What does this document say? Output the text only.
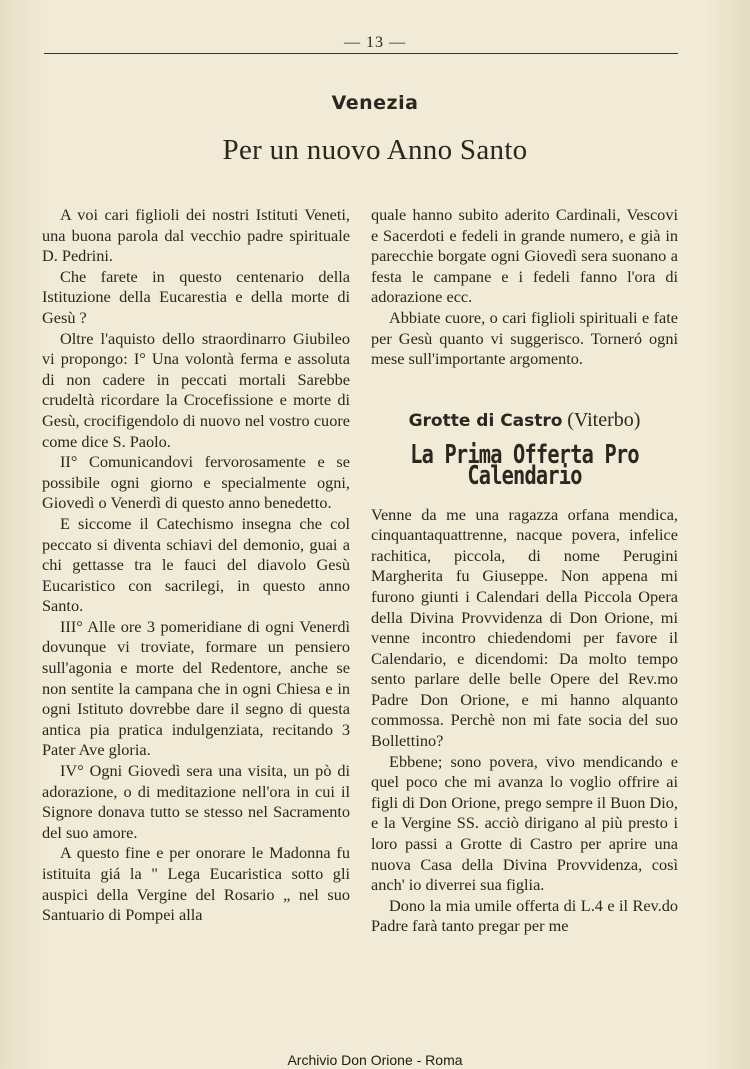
— 13 —
Venezia
Per un nuovo Anno Santo

A voi cari figlioli dei nostri Istituti Veneti, una buona parola dal vecchio padre spirituale D. Pedrini.

Che farete in questo centenario della Istituzione della Eucarestia e della morte di Gesù ?

Oltre l'aquisto dello straordinarro Giubileo vi propongo: I° Una volontà ferma e assoluta di non cadere in peccati mortali Sarebbe crudeltà ricordare la Crocefissione e morte di Gesù, crocifigendolo di nuovo nel vostro cuore come dice S. Paolo.

II° Comunicandovi fervorosamente e se possibile ogni giorno e specialmente ogni, Giovedì o Venerdì di questo anno benedetto.

E siccome il Catechismo insegna che col peccato si diventa schiavi del demonio, guai a chi gettasse tra le fauci del diavolo Gesù Eucaristico con sacrilegi, in questo anno Santo.

III° Alle ore 3 pomeridiane di ogni Venerdì dovunque vi troviate, formare un pensiero sull'agonia e morte del Redentore, anche se non sentite la campana che in ogni Chiesa e in ogni Istituto dovrebbe dare il segno di questa antica pia pratica indulgenziata, recitando 3 Pater Ave gloria.

IV° Ogni Giovedì sera una visita, un pò di adorazione, o di meditazione nell'ora in cui il Signore donava tutto se stesso nel Sacramento del suo amore.

A questo fine e per onorare le Madonna fu istituita giá la " Lega Eucaristica sotto gli auspici della Vergine del Rosario „ nel suo Santuario di Pompei alla

quale hanno subito aderito Cardinali, Vescovi e Sacerdoti e fedeli in grande numero, e già in parecchie borgate ogni Giovedì sera suonano a festa le campane e i fedeli fanno l'ora di adorazione ecc.

Abbiate cuore, o cari figlioli spirituali e fate per Gesù quanto vi suggerisco. Torneró ogni mese sull'importante argomento.

Grotte di Castro (Viterbo)
La Prima Offerta Pro Calendario

Venne da me una ragazza orfana mendica, cinquantaquattrenne, nacque povera, infelice rachitica, piccola, di nome Perugini Margherita fu Giuseppe. Non appena mi furono giunti i Calendari della Piccola Opera della Divina Provvidenza di Don Orione, mi venne incontro chiedendomi per favore il Calendario, e dicendomi: Da molto tempo sento parlare delle belle Opere del Rev.mo Padre Don Orione, e mi hanno alquanto commossa. Perchè non mi fate socia del suo Bollettino?

Ebbene; sono povera, vivo mendicando e quel poco che mi avanza lo voglio offrire ai figli di Don Orione, prego sempre il Buon Dio, e la Vergine SS. acciò dirigano al più presto i loro passi a Grotte di Castro per aprire una nuova Casa della Divina Provvidenza, così anch' io diverrei sua figlia.

Dono la mia umile offerta di L.4 e il Rev.do Padre farà tanto pregar per me

Archivio Don Orione - Roma
